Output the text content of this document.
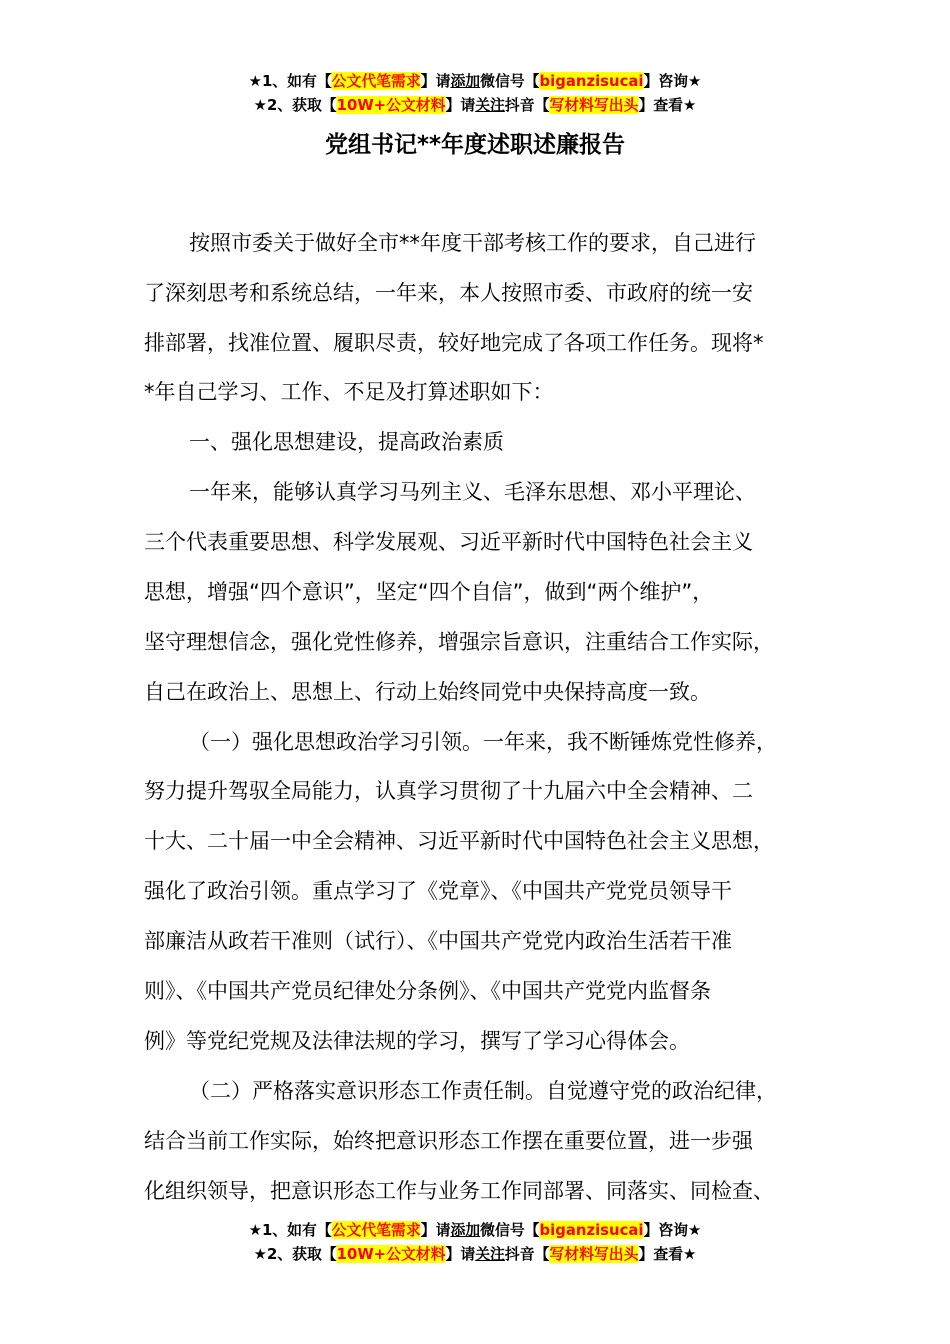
★1、如有【公文代笔需求】请添加微信号【biganzisucai】咨询★
★2、获取【10W+公文材料】请关注抖音【写材料写出头】查看★
党组书记**年度述职述廉报告
按照市委关于做好全市**年度干部考核工作的要求，自己进行
了深刻思考和系统总结，一年来，本人按照市委、市政府的统一安
排部署，找准位置、履职尽责，较好地完成了各项工作任务。现将*
*年自己学习、工作、不足及打算述职如下：
一、强化思想建设，提高政治素质
一年来，能够认真学习马列主义、毛泽东思想、邓小平理论、
三个代表重要思想、科学发展观、习近平新时代中国特色社会主义
思想，增强“四个意识”，坚定“四个自信”，做到“两个维护”，
坚守理想信念，强化党性修养，增强宗旨意识，注重结合工作实际，
自己在政治上、思想上、行动上始终同党中央保持高度一致。
（一）强化思想政治学习引领。一年来，我不断锤炼党性修养，
努力提升驾驭全局能力，认真学习贯彻了十九届六中全会精神、二
十大、二十届一中全会精神、习近平新时代中国特色社会主义思想，
强化了政治引领。重点学习了《党章》、《中国共产党党员领导干
部廉洁从政若干准则（试行）、《中国共产党党内政治生活若干准
则》、《中国共产党员纪律处分条例》、《中国共产党党内监督条
例》等党纪党规及法律法规的学习，撰写了学习心得体会。
（二）严格落实意识形态工作责任制。自觉遵守党的政治纪律，
结合当前工作实际，始终把意识形态工作摆在重要位置，进一步强
化组织领导，把意识形态工作与业务工作同部署、同落实、同检查、
★1、如有【公文代笔需求】请添加微信号【biganzisucai】咨询★
★2、获取【10W+公文材料】请关注抖音【写材料写出头】查看★
